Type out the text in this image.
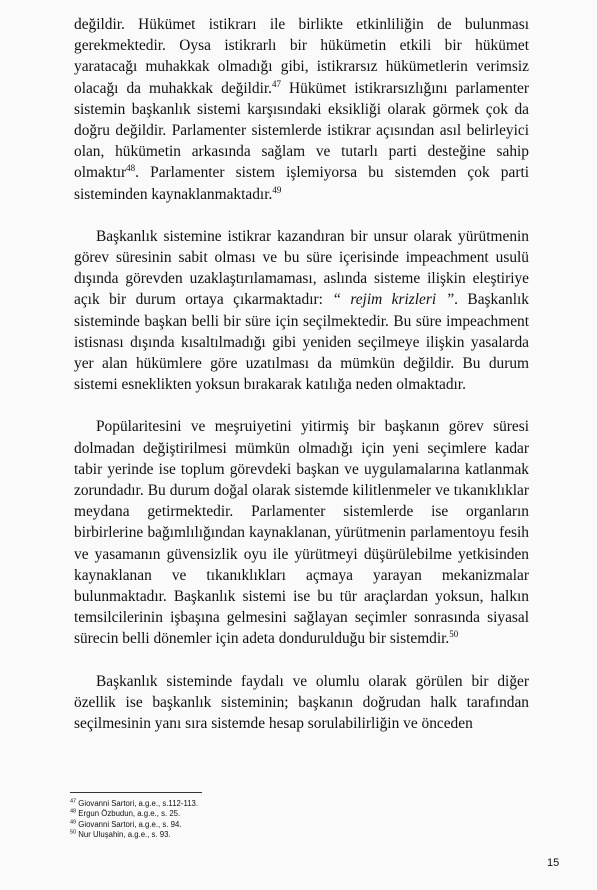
değildir. Hükümet istikrarı ile birlikte etkinliliğin de bulunması gerekmektedir. Oysa istikrarlı bir hükümetin etkili bir hükümet yaratacağı muhakkak olmadığı gibi, istikrarsız hükümetlerin verimsiz olacağı da muhakkak değildir.$^{47}$ Hükümet istikrarsızlığını parlamenter sistemin başkanlık sistemi karşısındaki eksikliği olarak görmek çok da doğru değildir. Parlamenter sistemlerde istikrar açısından asıl belirleyici olan, hükümetin arkasında sağlam ve tutarlı parti desteğine sahip olmaktır$^{48}$. Parlamenter sistem işlemiyorsa bu sistemden çok parti sisteminden kaynaklanmaktadır.$^{49}$

Başkanlık sistemine istikrar kazandıran bir unsur olarak yürütmenin görev süresinin sabit olması ve bu süre içerisinde impeachment usulü dışında görevden uzaklaştırılamaması, aslında sisteme ilişkin eleştiriye açık bir durum ortaya çıkarmaktadır: “ rejim krizleri ”. Başkanlık sisteminde başkan belli bir süre için seçilmektedir. Bu süre impeachment istisnası dışında kısaltılmadığı gibi yeniden seçilmeye ilişkin yasalarda yer alan hükümlere göre uzatılması da mümkün değildir. Bu durum sistemi esneklikten yoksun bırakarak katılığa neden olmaktadır.

Popülaritesini ve meşruiyetini yitirmiş bir başkanın görev süresi dolmadan değiştirilmesi mümkün olmadığı için yeni seçimlere kadar tabir yerinde ise toplum görevdeki başkan ve uygulamalarına katlanmak zorundadır. Bu durum doğal olarak sistemde kilitlenmeler ve tıkanıklıklar meydana getirmektedir. Parlamenter sistemlerde ise organların birbirlerine bağımlılığından kaynaklanan, yürütmenin parlamentoyu fesih ve yasamanın güvensizlik oyu ile yürütmeyi düşürülebilme yetkisinden kaynaklanan ve tıkanıklıkları açmaya yarayan mekanizmalar bulunmaktadır. Başkanlık sistemi ise bu tür araçlardan yoksun, halkın temsilcilerinin işbaşına gelmesini sağlayan seçimler sonrasında siyasal sürecin belli dönemler için adeta dondurulduğu bir sistemdir.$^{50}$

Başkanlık sisteminde faydalı ve olumlu olarak görülen bir diğer özellik ise başkanlık sisteminin; başkanın doğrudan halk tarafından seçilmesinin yanı sıra sistemde hesap sorulabilirliğin ve önceden

$^{47}$ Giovanni Sartori, a.g.e., s.112-113.
$^{48}$ Ergun Özbudun, a.g.e., s. 25.
$^{49}$ Giovanni Sartori, a.g.e., s. 94.
$^{50}$ Nur Uluşahin, a.g.e., s. 93.
15
